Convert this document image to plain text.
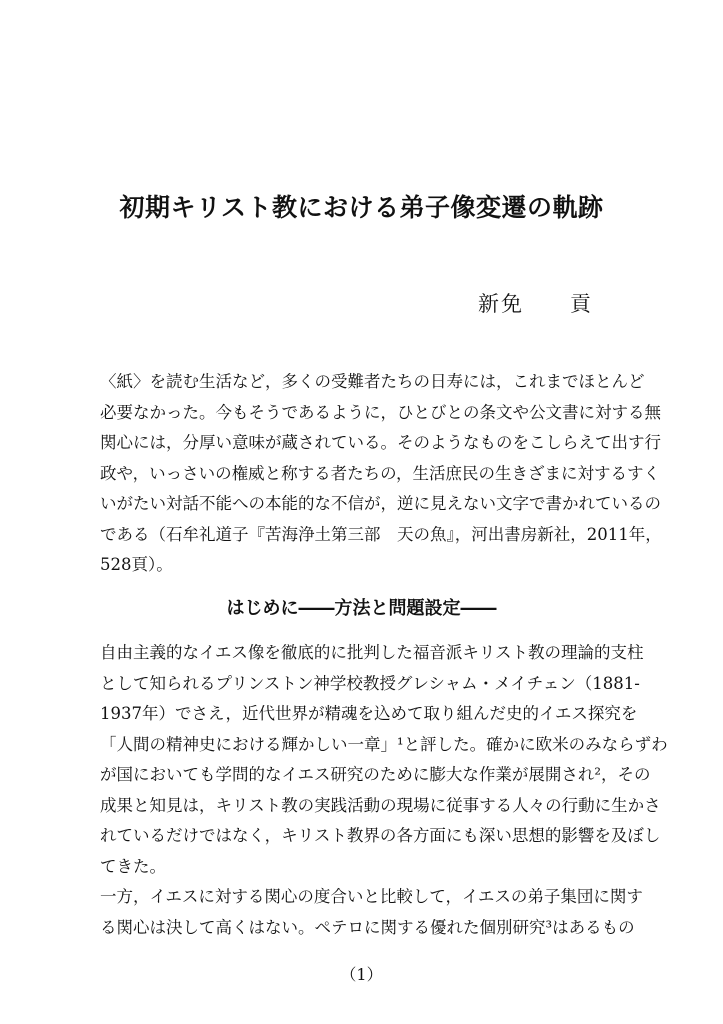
初期キリスト教における弟子像変遷の軌跡
新免　　貢
〈紙〉を読む生活など，多くの受難者たちの日寿には，これまでほとんど
必要なかった。今もそうであるように，ひとびとの条文や公文書に対する無
関心には，分厚い意味が蔵されている。そのようなものをこしらえて出す行
政や，いっさいの権威と称する者たちの，生活庶民の生きざまに対するすく
いがたい対話不能への本能的な不信が，逆に見えない文字で書かれているの
である（石牟礼道子『苦海浄土第三部　天の魚』，河出書房新社，2011年，
528頁）。
はじめに――方法と問題設定――
自由主義的なイエス像を徹底的に批判した福音派キリスト教の理論的支柱
として知られるプリンストン神学校教授グレシャム・メイチェン（1881-
1937年）でさえ，近代世界が精魂を込めて取り組んだ史的イエス探究を
「人間の精神史における輝かしい一章」¹と評した。確かに欧米のみならずわ
が国においても学問的なイエス研究のために膨大な作業が展開され²，その
成果と知見は，キリスト教の実践活動の現場に従事する人々の行動に生かさ
れているだけではなく，キリスト教界の各方面にも深い思想的影響を及ぼし
てきた。
一方，イエスに対する関心の度合いと比較して，イエスの弟子集団に関す
る関心は決して高くはない。ペテロに関する優れた個別研究³はあるもの
（1）
